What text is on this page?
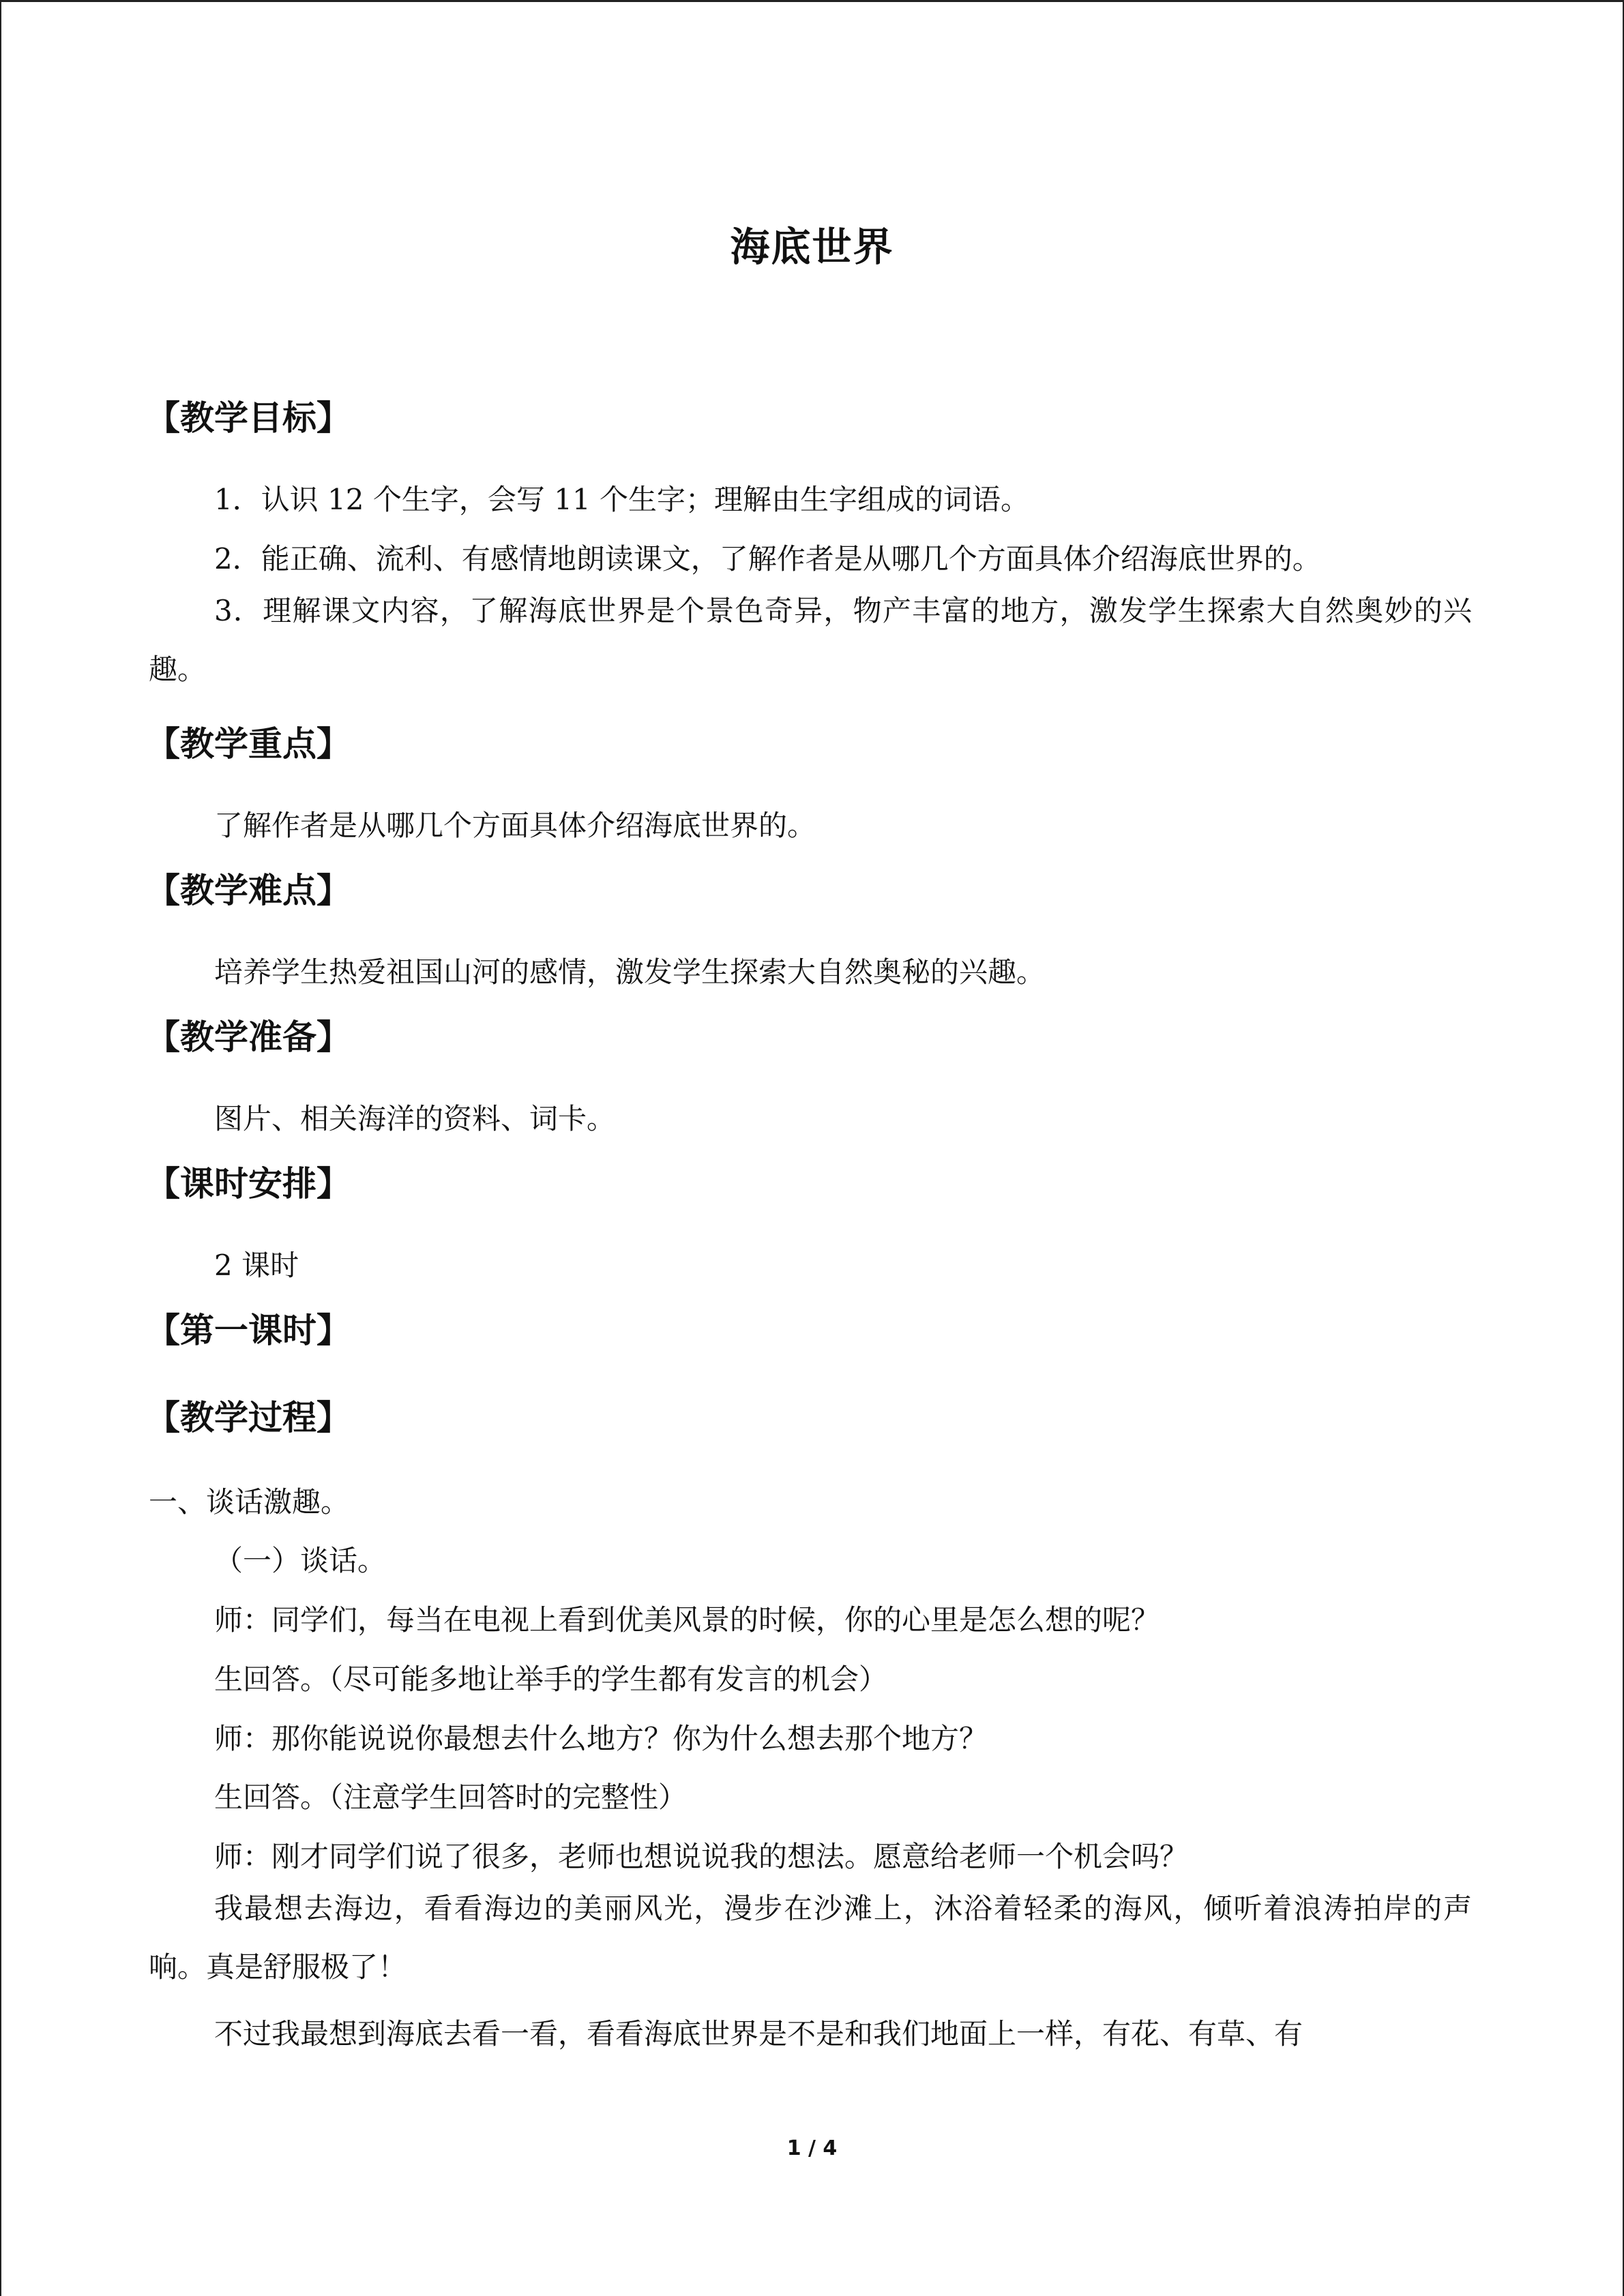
海底世界
【教学目标】
1．认识 12 个生字，会写 11 个生字；理解由生字组成的词语。
2．能正确、流利、有感情地朗读课文，了解作者是从哪几个方面具体介绍海底世界的。
3．理解课文内容，了解海底世界是个景色奇异，物产丰富的地方，激发学生探索大自然奥妙的兴趣。
【教学重点】
了解作者是从哪几个方面具体介绍海底世界的。
【教学难点】
培养学生热爱祖国山河的感情，激发学生探索大自然奥秘的兴趣。
【教学准备】
图片、相关海洋的资料、词卡。
【课时安排】
2 课时
【第一课时】
【教学过程】
一、谈话激趣。
（一）谈话。
师：同学们，每当在电视上看到优美风景的时候，你的心里是怎么想的呢？
生回答。（尽可能多地让举手的学生都有发言的机会）
师：那你能说说你最想去什么地方？你为什么想去那个地方？
生回答。（注意学生回答时的完整性）
师：刚才同学们说了很多，老师也想说说我的想法。愿意给老师一个机会吗？
我最想去海边，看看海边的美丽风光，漫步在沙滩上，沐浴着轻柔的海风，倾听着浪涛拍岸的声响。真是舒服极了！
不过我最想到海底去看一看，看看海底世界是不是和我们地面上一样，有花、有草、有
1 / 4
